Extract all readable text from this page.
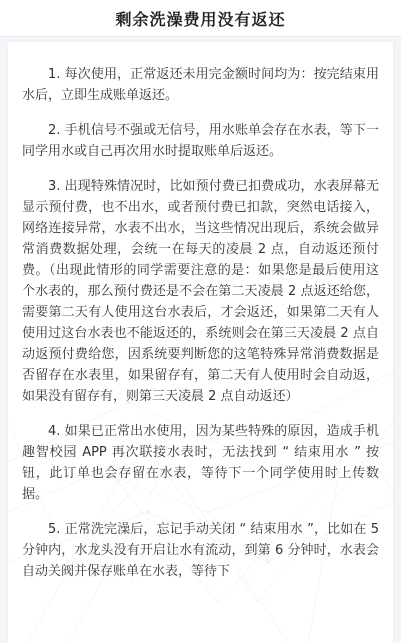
剩余洗澡费用没有返还

1. 每次使用，正常返还未用完金额时间均为：按完结束用水后，立即生成账单返还。

2. 手机信号不强或无信号，用水账单会存在水表，等下一同学用水或自己再次用水时提取账单后返还。

3. 出现特殊情况时，比如预付费已扣费成功，水表屏幕无显示预付费，也不出水，或者预付费已扣款，突然电话接入，网络连接异常，水表不出水，当这些情况出现后，系统会做异常消费数据处理，会统一在每天的凌晨 2 点，自动返还预付费。（出现此情形的同学需要注意的是：如果您是最后使用这个水表的，那么预付费还是不会在第二天凌晨 2 点返还给您，需要第二天有人使用这台水表后，才会返还，如果第二天有人使用过这台水表也不能返还的，系统则会在第三天凌晨 2 点自动返预付费给您，因系统要判断您的这笔特殊异常消费数据是否留存在水表里，如果留存有，第二天有人使用时会自动返，如果没有留存有，则第三天凌晨 2 点自动返还）

4. 如果已正常出水使用，因为某些特殊的原因，造成手机趣智校园 APP 再次联接水表时，无法找到 “ 结束用水 ” 按钮，此订单也会存留在水表，等待下一个同学使用时上传数据。

5. 正常洗完澡后，忘记手动关闭 “ 结束用水 ”，比如在 5 分钟内，水龙头没有开启让水有流动，到第 6 分钟时，水表会自动关阀并保存账单在水表，等待下
